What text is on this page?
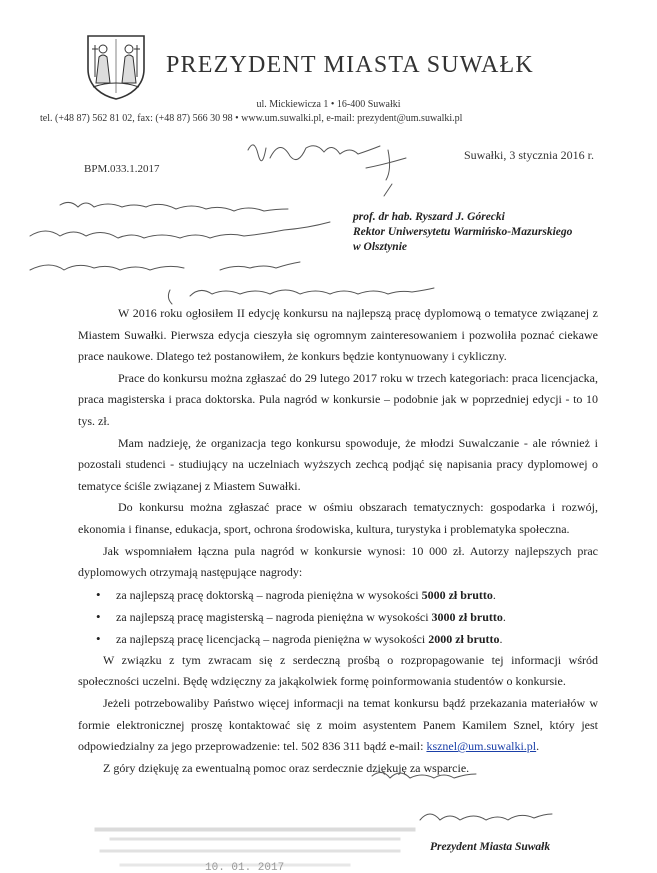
PREZYDENT MIASTA SUWAŁK
ul. Mickiewicza 1 • 16-400 Suwałki
tel. (+48 87) 562 81 02, fax: (+48 87) 566 30 98 • www.um.suwalki.pl, e-mail: prezydent@um.suwalki.pl
BPM.033.1.2017
Suwałki, 3 stycznia 2016 r.
prof. dr hab. Ryszard J. Górecki
Rektor Uniwersytetu Warmińsko-Mazurskiego
w Olsztynie

W 2016 roku ogłosiłem II edycję konkursu na najlepszą pracę dyplomową o tematyce związanej z Miastem Suwałki. Pierwsza edycja cieszyła się ogromnym zainteresowaniem i pozwoliła poznać ciekawe prace naukowe. Dlatego też postanowiłem, że konkurs będzie kontynuowany i cykliczny.

Prace do konkursu można zgłaszać do 29 lutego 2017 roku w trzech kategoriach: praca licencjacka, praca magisterska i praca doktorska. Pula nagród w konkursie – podobnie jak w poprzedniej edycji - to 10 tys. zł.

Mam nadzieję, że organizacja tego konkursu spowoduje, że młodzi Suwalczanie - ale również i pozostali studenci - studiujący na uczelniach wyższych zechcą podjąć się napisania pracy dyplomowej o tematyce ściśle związanej z Miastem Suwałki.

Do konkursu można zgłaszać prace w ośmiu obszarach tematycznych: gospodarka i rozwój, ekonomia i finanse, edukacja, sport, ochrona środowiska, kultura, turystyka i problematyka społeczna.

Jak wspomniałem łączna pula nagród w konkursie wynosi: 10 000 zł. Autorzy najlepszych prac dyplomowych otrzymają następujące nagrody:

• za najlepszą pracę doktorską – nagroda pieniężna w wysokości 5000 zł brutto.
• za najlepszą pracę magisterską – nagroda pieniężna w wysokości 3000 zł brutto.
• za najlepszą pracę licencjacką – nagroda pieniężna w wysokości 2000 zł brutto.

W związku z tym zwracam się z serdeczną prośbą o rozpropagowanie tej informacji wśród społeczności uczelni. Będę wdzięczny za jakąkolwiek formę poinformowania studentów o konkursie.

Jeżeli potrzebowaliby Państwo więcej informacji na temat konkursu bądź przekazania materiałów w formie elektronicznej proszę kontaktować się z moim asystentem Panem Kamilem Sznel, który jest odpowiedzialny za jego przeprowadzenie: tel. 502 836 311 bądź e-mail: ksznel@um.suwalki.pl.

Z góry dziękuję za ewentualną pomoc oraz serdecznie dziękuję za wsparcie.

Prezydent Miasta Suwałk
10. 01. 2017
